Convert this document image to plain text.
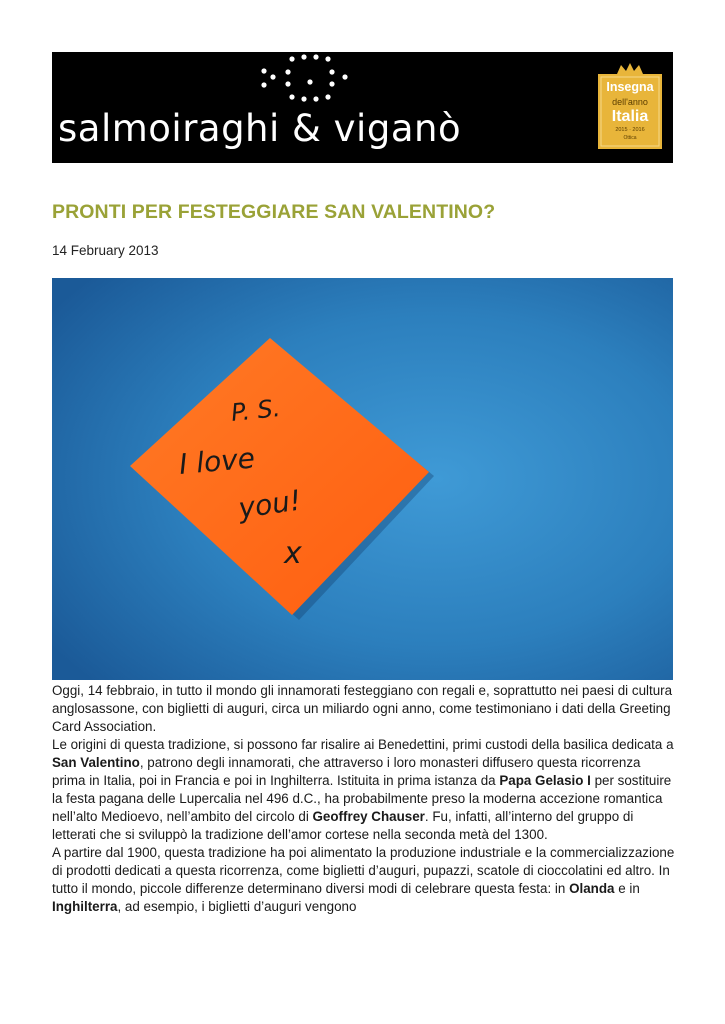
salmoiraghi & viganò
Insegna
dell'anno
Italia
2015 · 2016
Ottica
PRONTI PER FESTEGGIARE SAN VALENTINO?
14 February 2013
P. S.
I love
you!
x

Oggi, 14 febbraio, in tutto il mondo gli innamorati festeggiano con regali e, soprattutto nei paesi di cultura anglosassone, con biglietti di auguri, circa un miliardo ogni anno, come testimoniano i dati della Greeting Card Association.

Le origini di questa tradizione, si possono far risalire ai Benedettini, primi custodi della basilica dedicata a San Valentino, patrono degli innamorati, che attraverso i loro monasteri diffusero questa ricorrenza prima in Italia, poi in Francia e poi in Inghilterra. Istituita in prima istanza da Papa Gelasio I per sostituire la festa pagana delle Lupercalia nel 496 d.C., ha probabilmente preso la moderna accezione romantica nell’alto Medioevo, nell’ambito del circolo di Geoffrey Chauser. Fu, infatti, all’interno del gruppo di letterati che si sviluppò la tradizione dell’amor cortese nella seconda metà del 1300.

A partire dal 1900, questa tradizione ha poi alimentato la produzione industriale e la commercializzazione di prodotti dedicati a questa ricorrenza, come biglietti d’auguri, pupazzi, scatole di cioccolatini ed altro. In tutto il mondo, piccole differenze determinano diversi modi di celebrare questa festa: in Olanda e in Inghilterra, ad esempio, i biglietti d’auguri vengono
